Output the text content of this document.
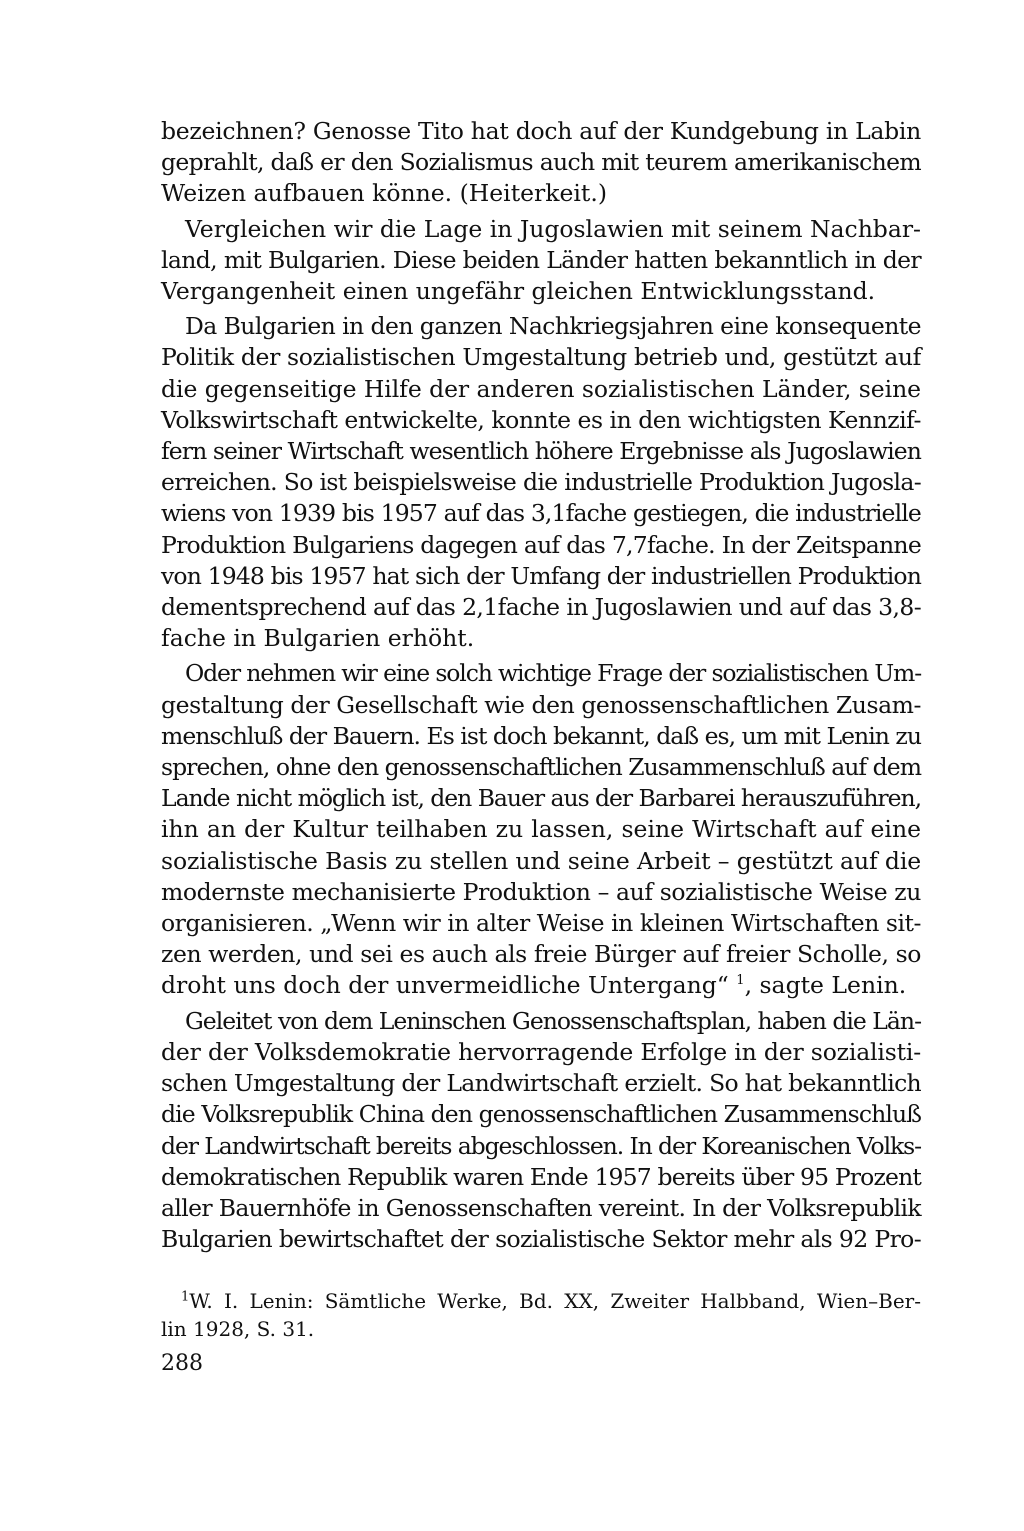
bezeichnen? Genosse Tito hat doch auf der Kundgebung in Labin
geprahlt, daß er den Sozialismus auch mit teurem amerikanischem
Weizen aufbauen könne. (Heiterkeit.)

Vergleichen wir die Lage in Jugoslawien mit seinem Nachbar-
land, mit Bulgarien. Diese beiden Länder hatten bekanntlich in der
Vergangenheit einen ungefähr gleichen Entwicklungsstand.

Da Bulgarien in den ganzen Nachkriegsjahren eine konsequente
Politik der sozialistischen Umgestaltung betrieb und, gestützt auf
die gegenseitige Hilfe der anderen sozialistischen Länder, seine
Volkswirtschaft entwickelte, konnte es in den wichtigsten Kennzif-
fern seiner Wirtschaft wesentlich höhere Ergebnisse als Jugoslawien
erreichen. So ist beispielsweise die industrielle Produktion Jugosla-
wiens von 1939 bis 1957 auf das 3,1fache gestiegen, die industrielle
Produktion Bulgariens dagegen auf das 7,7fache. In der Zeitspanne
von 1948 bis 1957 hat sich der Umfang der industriellen Produktion
dementsprechend auf das 2,1fache in Jugoslawien und auf das 3,8-
fache in Bulgarien erhöht.

Oder nehmen wir eine solch wichtige Frage der sozialistischen Um-
gestaltung der Gesellschaft wie den genossenschaftlichen Zusam-
menschluß der Bauern. Es ist doch bekannt, daß es, um mit Lenin zu
sprechen, ohne den genossenschaftlichen Zusammenschluß auf dem
Lande nicht möglich ist, den Bauer aus der Barbarei herauszuführen,
ihn an der Kultur teilhaben zu lassen, seine Wirtschaft auf eine
sozialistische Basis zu stellen und seine Arbeit – gestützt auf die
modernste mechanisierte Produktion – auf sozialistische Weise zu
organisieren. „Wenn wir in alter Weise in kleinen Wirtschaften sit-
zen werden, und sei es auch als freie Bürger auf freier Scholle, so
droht uns doch der unvermeidliche Untergang“ $^1$, sagte Lenin.

Geleitet von dem Leninschen Genossenschaftsplan, haben die Län-
der der Volksdemokratie hervorragende Erfolge in der sozialisti-
schen Umgestaltung der Landwirtschaft erzielt. So hat bekanntlich
die Volksrepublik China den genossenschaftlichen Zusammenschluß
der Landwirtschaft bereits abgeschlossen. In der Koreanischen Volks-
demokratischen Republik waren Ende 1957 bereits über 95 Prozent
aller Bauernhöfe in Genossenschaften vereint. In der Volksrepublik
Bulgarien bewirtschaftet der sozialistische Sektor mehr als 92 Pro-

$^1$W. I. Lenin: Sämtliche Werke, Bd. XX, Zweiter Halbband, Wien–Ber-
lin 1928, S. 31.
288
